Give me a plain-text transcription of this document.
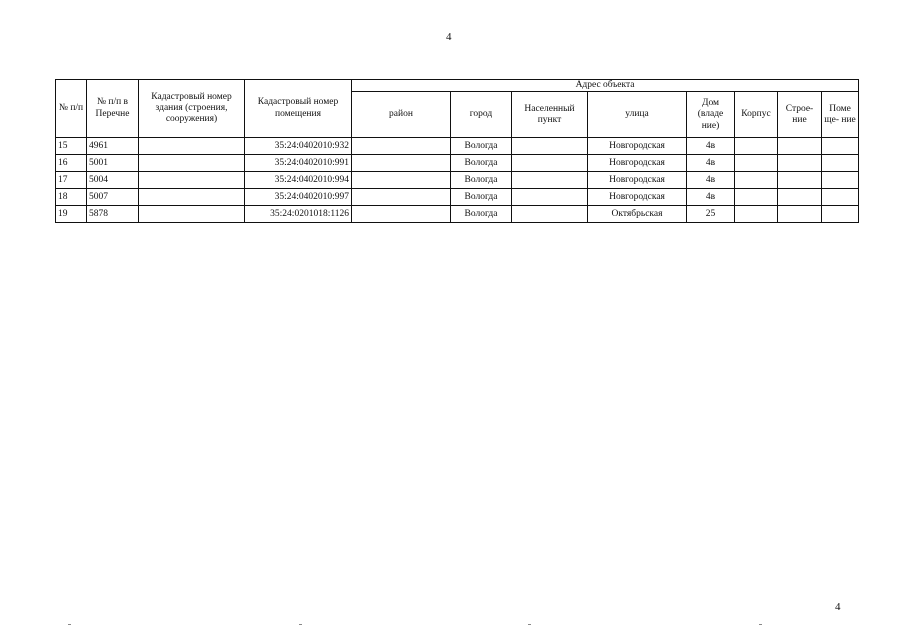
4
№ п/п	№ п/п в Перечне	Кадастровый номер здания (строения, сооружения)	Кадастровый номер помещения	Адрес объекта							
				район	город	Населенный пункт	улица	Дом (владе ние)	Корпус	Строе- ние	Поме ще- ние
15	4961		35:24:0402010:932		Вологда		Новгородская	4в			
16	5001		35:24:0402010:991		Вологда		Новгородская	4в			
17	5004		35:24:0402010:994		Вологда		Новгородская	4в			
18	5007		35:24:0402010:997		Вологда		Новгородская	4в			
19	5878		35:24:0201018:1126		Вологда		Октябрьская	25			
4
